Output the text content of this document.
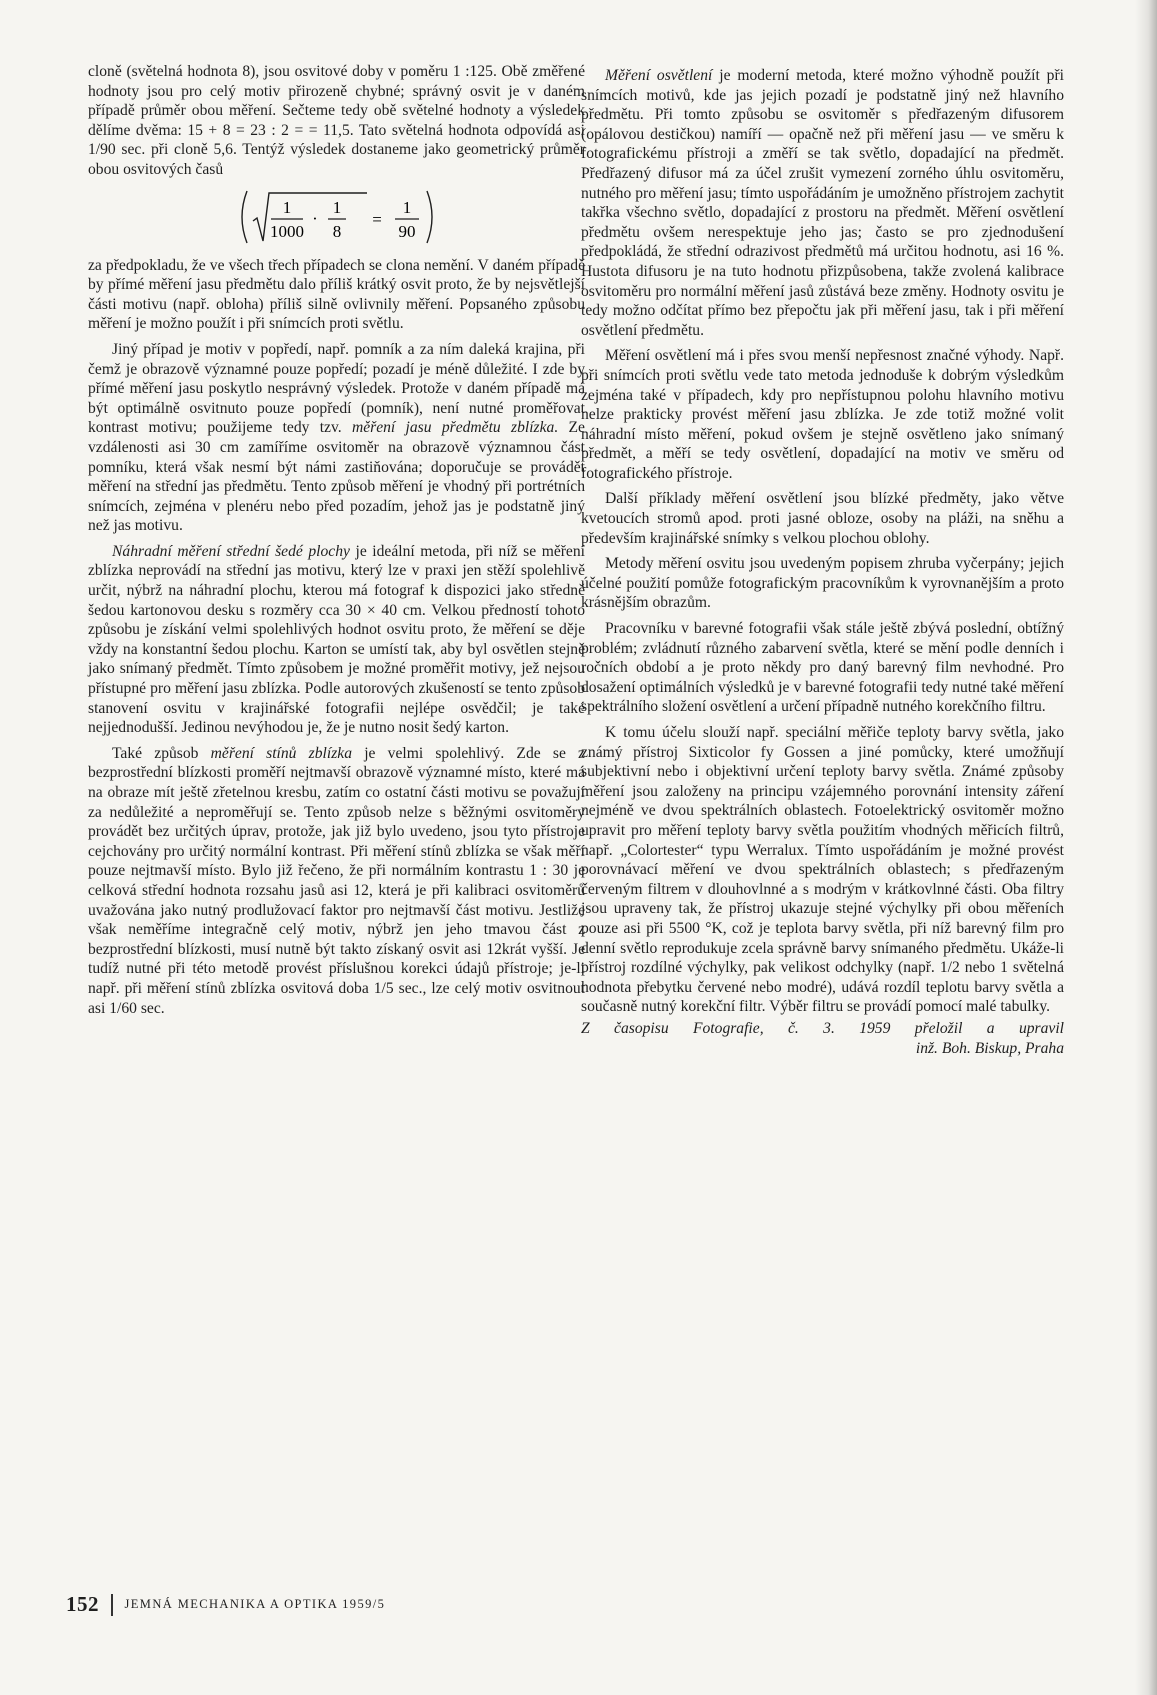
cloně (světelná hodnota 8), jsou osvitové doby v poměru 1 :125. Obě změřené hodnoty jsou pro celý motiv přirozeně chybné; správný osvit je v daném případě průměr obou měření. Sečteme tedy obě světelné hodnoty a výsledek dělíme dvěma: 15 + 8 = 23 : 2 = = 11,5. Tato světelná hodnota odpovídá asi 1/90 sec. při cloně 5,6. Tentýž výsledek dostaneme jako geometrický průměr obou osvitových časů

1
1000
·
1
8
=
1
90

za předpokladu, že ve všech třech případech se clona nemění. V daném případě by přímé měření jasu předmětu dalo příliš krátký osvit proto, že by nejsvětlejší části motivu (např. obloha) příliš silně ovlivnily měření. Popsaného způsobu měření je možno použít i při snímcích proti světlu.

Jiný případ je motiv v popředí, např. pomník a za ním daleká krajina, při čemž je obrazově významné pouze popředí; pozadí je méně důležité. I zde by přímé měření jasu poskytlo nesprávný výsledek. Protože v daném případě má být optimálně osvitnuto pouze popředí (pomník), není nutné proměřovat kontrast motivu; použijeme tedy tzv. měření jasu předmětu zblízka. Ze vzdálenosti asi 30 cm zamíříme osvitoměr na obrazově významnou část pomníku, která však nesmí být námi zastiňována; doporučuje se provádět měření na střední jas předmětu. Tento způsob měření je vhodný při portrétních snímcích, zejména v plenéru nebo před pozadím, jehož jas je podstatně jiný než jas motivu.

Náhradní měření střední šedé plochy je ideální metoda, při níž se měření zblízka neprovádí na střední jas motivu, který lze v praxi jen stěží spolehlivě určit, nýbrž na náhradní plochu, kterou má fotograf k dispozici jako středně šedou kartonovou desku s rozměry cca 30 × 40 cm. Velkou předností tohoto způsobu je získání velmi spolehlivých hodnot osvitu proto, že měření se děje vždy na konstantní šedou plochu. Karton se umístí tak, aby byl osvětlen stejně jako snímaný předmět. Tímto způsobem je možné proměřit motivy, jež nejsou přístupné pro měření jasu zblízka. Podle autorových zkušeností se tento způsob stanovení osvitu v krajinářské fotografii nejlépe osvědčil; je také nejjednodušší. Jedinou nevýhodou je, že je nutno nosit šedý karton.

Také způsob měření stínů zblízka je velmi spolehlivý. Zde se z bezprostřední blízkosti proměří nejtmavší obrazově významné místo, které má na obraze mít ještě zřetelnou kresbu, zatím co ostatní části motivu se považují za nedůležité a neproměřují se. Tento způsob nelze s běžnými osvitoměry provádět bez určitých úprav, protože, jak již bylo uvedeno, jsou tyto přístroje cejchovány pro určitý normální kontrast. Při měření stínů zblízka se však měří pouze nejtmavší místo. Bylo již řečeno, že při normálním kontrastu 1 : 30 je celková střední hodnota rozsahu jasů asi 12, která je při kalibraci osvitoměrů uvažována jako nutný prodlužovací faktor pro nejtmavší část motivu. Jestliže však neměříme integračně celý motiv, nýbrž jen jeho tmavou část z bezprostřední blízkosti, musí nutně být takto získaný osvit asi 12krát vyšší. Je tudíž nutné při této metodě provést příslušnou korekci údajů přístroje; je-li např. při měření stínů zblízka osvitová doba 1/5 sec., lze celý motiv osvitnout asi 1/60 sec.

Měření osvětlení je moderní metoda, které možno výhodně použít při snímcích motivů, kde jas jejich pozadí je podstatně jiný než hlavního předmětu. Při tomto způsobu se osvitoměr s předřazeným difusorem (opálovou destičkou) namíří — opačně než při měření jasu — ve směru k fotografickému přístroji a změří se tak světlo, dopadající na předmět. Předřazený difusor má za účel zrušit vymezení zorného úhlu osvitoměru, nutného pro měření jasu; tímto uspořádáním je umožněno přístrojem zachytit takřka všechno světlo, dopadající z prostoru na předmět. Měření osvětlení předmětu ovšem nerespektuje jeho jas; často se pro zjednodušení předpokládá, že střední odrazivost předmětů má určitou hodnotu, asi 16 %. Hustota difusoru je na tuto hodnotu přizpůsobena, takže zvolená kalibrace osvitoměru pro normální měření jasů zůstává beze změny. Hodnoty osvitu je tedy možno odčítat přímo bez přepočtu jak při měření jasu, tak i při měření osvětlení předmětu.

Měření osvětlení má i přes svou menší nepřesnost značné výhody. Např. při snímcích proti světlu vede tato metoda jednoduše k dobrým výsledkům zejména také v případech, kdy pro nepřístupnou polohu hlavního motivu nelze prakticky provést měření jasu zblízka. Je zde totiž možné volit náhradní místo měření, pokud ovšem je stejně osvětleno jako snímaný předmět, a měří se tedy osvětlení, dopadající na motiv ve směru od fotografického přístroje.

Další příklady měření osvětlení jsou blízké předměty, jako větve kvetoucích stromů apod. proti jasné obloze, osoby na pláži, na sněhu a především krajinářské snímky s velkou plochou oblohy.

Metody měření osvitu jsou uvedeným popisem zhruba vyčerpány; jejich účelné použití pomůže fotografickým pracovníkům k vyrovnanějším a proto krásnějším obrazům.

Pracovníku v barevné fotografii však stále ještě zbývá poslední, obtížný problém; zvládnutí různého zabarvení světla, které se mění podle denních i ročních období a je proto někdy pro daný barevný film nevhodné. Pro dosažení optimálních výsledků je v barevné fotografii tedy nutné také měření spektrálního složení osvětlení a určení případně nutného korekčního filtru.

K tomu účelu slouží např. speciální měřiče teploty barvy světla, jako známý přístroj Sixticolor fy Gossen a jiné pomůcky, které umožňují subjektivní nebo i objektivní určení teploty barvy světla. Známé způsoby měření jsou založeny na principu vzájemného porovnání intensity záření nejméně ve dvou spektrálních oblastech. Fotoelektrický osvitoměr možno upravit pro měření teploty barvy světla použitím vhodných měřicích filtrů, např. „Colortester“ typu Werralux. Tímto uspořádáním je možné provést porovnávací měření ve dvou spektrálních oblastech; s předřazeným červeným filtrem v dlouhovlnné a s modrým v krátkovlnné části. Oba filtry jsou upraveny tak, že přístroj ukazuje stejné výchylky při obou měřeních pouze asi při 5500 °K, což je teplota barvy světla, při níž barevný film pro denní světlo reprodukuje zcela správně barvy snímaného předmětu. Ukáže-li přístroj rozdílné výchylky, pak velikost odchylky (např. 1/2 nebo 1 světelná hodnota přebytku červené nebo modré), udává rozdíl teplotu barvy světla a současně nutný korekční filtr. Výběr filtru se provádí pomocí malé tabulky.

Z časopisu Fotografie, č. 3. 1959 přeložil a upravil
inž. Boh. Biskup, Praha
152 JEMNÁ MECHANIKA A OPTIKA 1959/5
